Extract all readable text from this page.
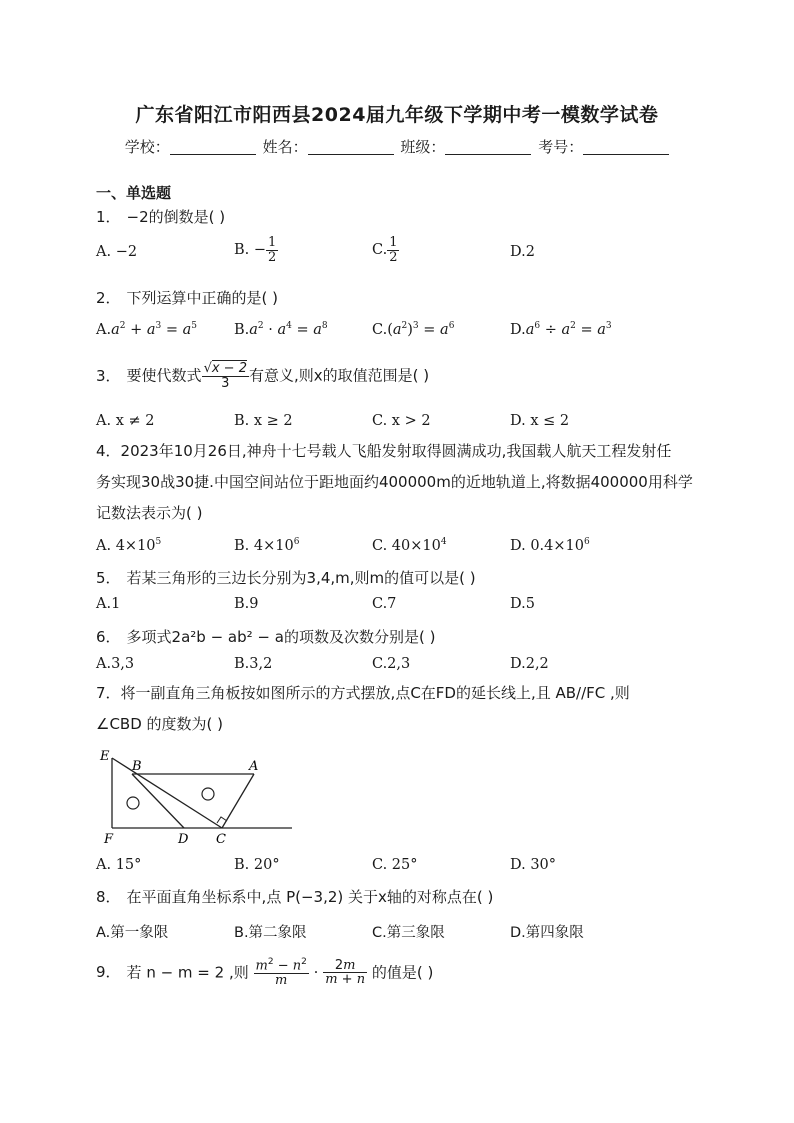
广东省阳江市阳西县2024届九年级下学期中考一模数学试卷
学校：	姓名：	班级：	考号：
一、单选题
1． −2的倒数是( )
A. −2	B. − $\frac{1}{2}$	C. $\frac{1}{2}$	D.2
2． 下列运算中正确的是( )
$A.a^2 + a^3 = a^5$	$B.a^2 \cdot a^4 = a^8$	$C.(a^2)^3 = a^6$	$D.a^6 \div a^2 = a^3$
3． 要使代数式 $\frac{√x - 2}{3}$ 有意义,则x的取值范围是( )
A. x ≠ 2	B. x ≥ 2	C. x > 2	D. x ≤ 2
4．2023年10月26日,神舟十七号载人飞船发射取得圆满成功,我国载人航天工程发射任
务实现30战30捷.中国空间站位于距地面约400000m的近地轨道上,将数据400000用科学
记数法表示为( )
A. $4\times 10^5$	B. $4\times 10^6$	C. $40\times 10^4$	D. $0.4\times 10^6$
5． 若某三角形的三边长分别为3,4,m,则m的值可以是( )
A.1	B.9	C.7	D.5
6． 多项式2a²b − ab² − a的项数及次数分别是( )
A.3,3	B.3,2	C.2,3	D.2,2
7．将一副直角三角板按如图所示的方式摆放,点C在FD的延长线上,且 AB//FC ,则
∠CBD 的度数为( )
E
B	A
F	D C
A. 15°	B. 20°	C. 25°	D. 30°
8． 在平面直角坐标系中,点 P(−3,2) 关于x轴的对称点在( )
A.第一象限	B.第二象限	C.第三象限	D.第四象限
9． 若 n − m = 2 ,则 $\frac{m^2 - n^2}{m} \cdot \frac{2m}{m + n}$ 的值是( )
